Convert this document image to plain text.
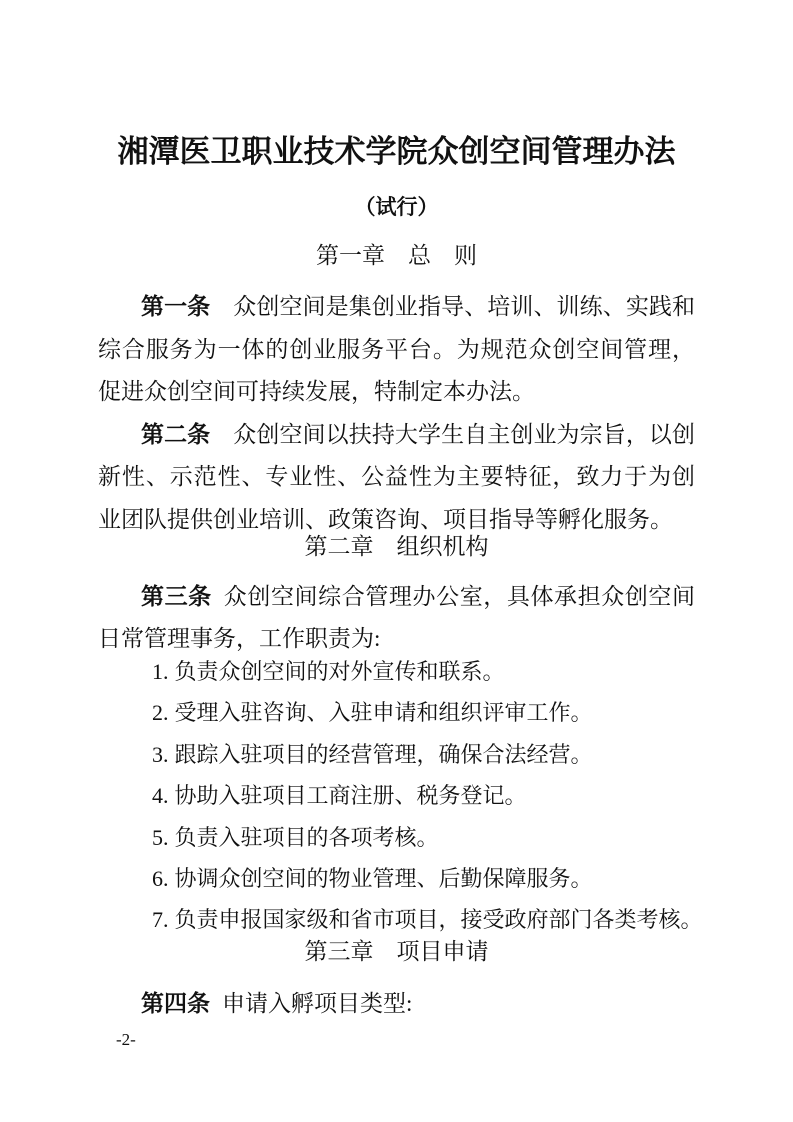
湘潭医卫职业技术学院众创空间管理办法
（试行）
第一章　总　则

第一条 众创空间是集创业指导、培训、训练、实践和综合服务为一体的创业服务平台。为规范众创空间管理，促进众创空间可持续发展，特制定本办法。

第二条 众创空间以扶持大学生自主创业为宗旨，以创新性、示范性、专业性、公益性为主要特征，致力于为创业团队提供创业培训、政策咨询、项目指导等孵化服务。

第二章　组织机构

第三条 众创空间综合管理办公室，具体承担众创空间日常管理事务，工作职责为:

1. 负责众创空间的对外宣传和联系。
2. 受理入驻咨询、入驻申请和组织评审工作。
3. 跟踪入驻项目的经营管理，确保合法经营。
4. 协助入驻项目工商注册、税务登记。
5. 负责入驻项目的各项考核。
6. 协调众创空间的物业管理、后勤保障服务。
7. 负责申报国家级和省市项目，接受政府部门各类考核。
第三章　项目申请

第四条 申请入孵项目类型:

-2-
